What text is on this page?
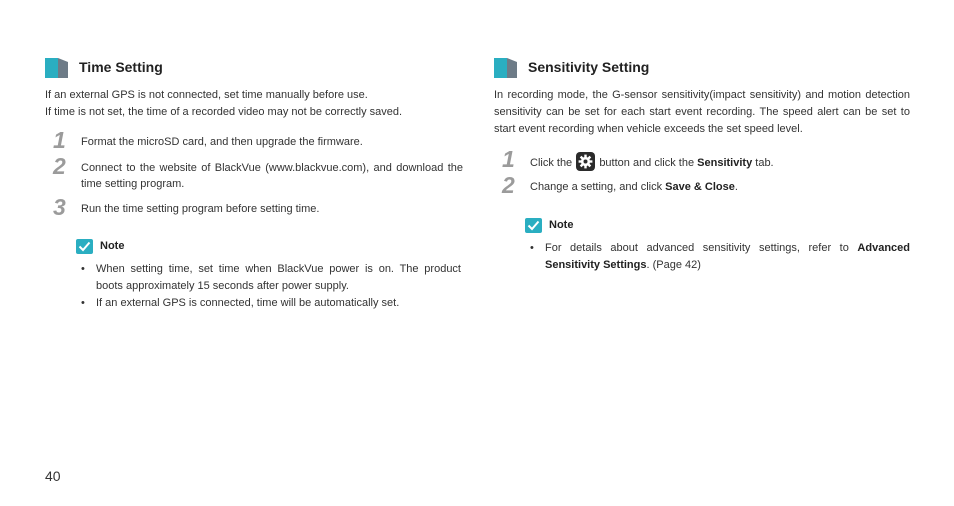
Time Setting

If an external GPS is not connected, set time manually before use.

If time is not set, the time of a recorded video may not be correctly saved.

1 Format the microSD card, and then upgrade the firmware.
2 Connect to the website of BlackVue (www.blackvue.com), and download the time setting program.
3 Run the time setting program before setting time.
Note
• When setting time, set time when BlackVue power is on. The product boots approximately 15 seconds after power supply.
• If an external GPS is connected, time will be automatically set.
Sensitivity Setting
In recording mode, the G-sensor sensitivity(impact sensitivity) and motion detection sensitivity can be set for each start event recording. The speed alert can be set to start event recording when vehicle exceeds the set speed level.
1 Click the button and click the Sensitivity tab.
2 Change a setting, and click Save & Close.
Note
• For details about advanced sensitivity settings, refer to Advanced Sensitivity Settings. (Page 42)
40
